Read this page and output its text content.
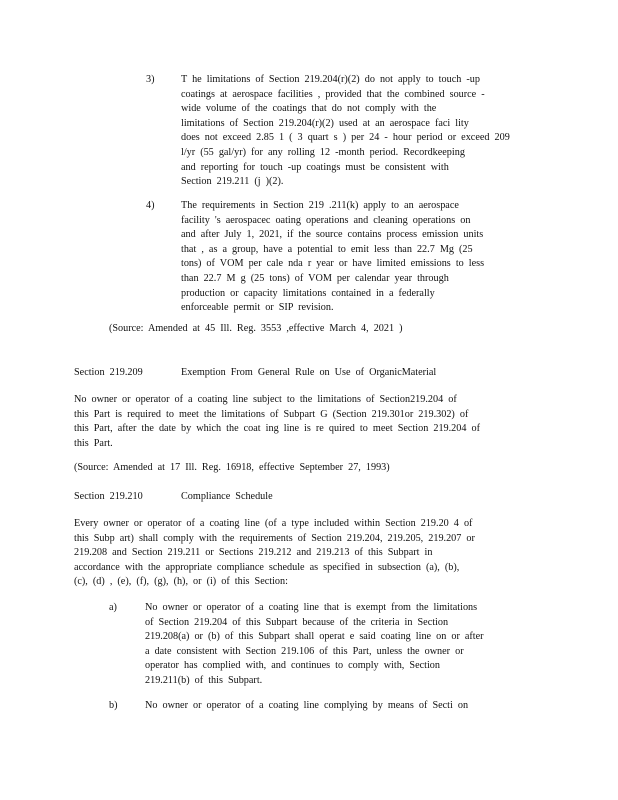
3)	T he limitations of Section 219.204(r)(2) do not apply to touch -up
coatings at aerospace facilities , provided that the combined source -
wide volume of the coatings that do not comply with the
limitations of Section 219.204(r)(2) used at an aerospace faci lity
does not exceed 2.85 1 ( 3 quart s ) per 24 - hour period or exceed 209
l/yr (55 gal/yr) for any rolling 12 -month period. Recordkeeping
and reporting for touch -up coatings must be consistent with
Section 219.211 (j )(2).
4)	The requirements in Section 219 .211(k) apply to an aerospace
facility 's aerospacec oating operations and cleaning operations on
and after July 1, 2021, if the source contains process emission units
that , as a group, have a potential to emit less than 22.7 Mg (25
tons) of VOM per cale nda r year or have limited emissions to less
than 22.7 M g (25 tons) of VOM per calendar year through
production or capacity limitations contained in a federally
enforceable permit or SIP revision.
(Source: Amended at 45 Ill. Reg. 3553 ,effective March 4, 2021 )
Section 219.209	Exemption From General Rule on Use of OrganicMaterial
No owner or operator of a coating line subject to the limitations of Section219.204 of
this Part is required to meet the limitations of Subpart G (Section 219.301or 219.302) of
this Part, after the date by which the coat ing line is re quired to meet Section 219.204 of
this Part.
(Source: Amended at 17 Ill. Reg. 16918, effective September 27, 1993)
Section 219.210	Compliance Schedule
Every owner or operator of a coating line (of a type included within Section 219.20 4 of
this Subp art) shall comply with the requirements of Section 219.204, 219.205, 219.207 or
219.208 and Section 219.211 or Sections 219.212 and 219.213 of this Subpart in
accordance with the appropriate compliance schedule as specified in subsection (a), (b),
(c), (d) , (e), (f), (g), (h), or (i) of this Section:
a)	No owner or operator of a coating line that is exempt from the limitations
of Section 219.204 of this Subpart because of the criteria in Section
219.208(a) or (b) of this Subpart shall operat e said coating line on or after
a date consistent with Section 219.106 of this Part, unless the owner or
operator has complied with, and continues to comply with, Section
219.211(b) of this Subpart.
b)	No owner or operator of a coating line complying by means of Secti on
